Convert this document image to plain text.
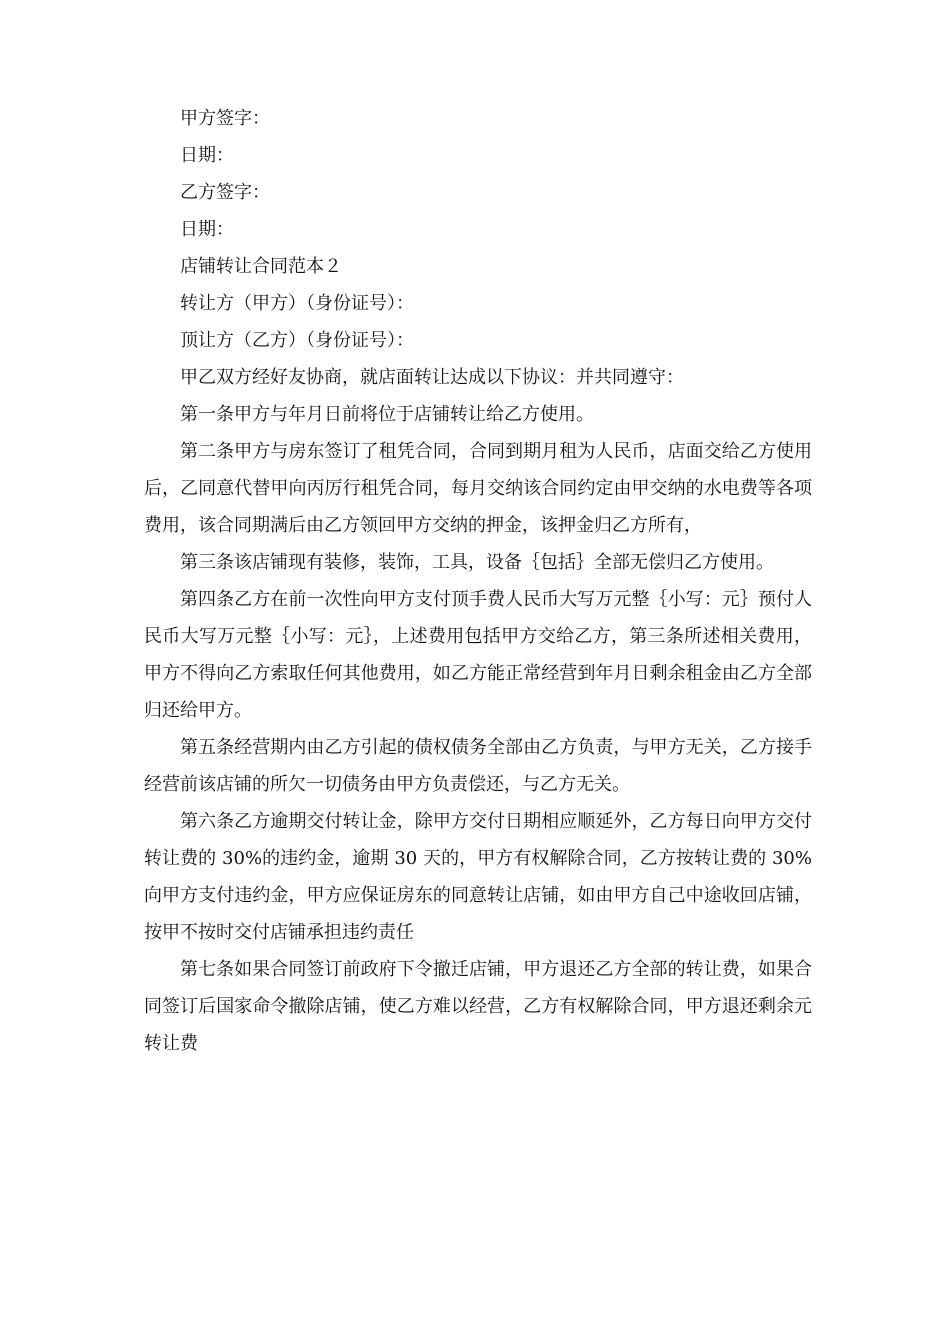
甲方签字：
日期：
乙方签字：
日期：
店铺转让合同范本２
转让方（甲方）（身份证号）：
顶让方（乙方）（身份证号）：
甲乙双方经好友协商，就店面转让达成以下协议：并共同遵守：
第一条甲方与年月日前将位于店铺转让给乙方使用。
第二条甲方与房东签订了租凭合同，合同到期月租为人民币，店面交给乙方使用后，乙同意代替甲向丙厉行租凭合同，每月交纳该合同约定由甲交纳的水电费等各项费用，该合同期满后由乙方领回甲方交纳的押金，该押金归乙方所有，
第三条该店铺现有装修，装饰，工具，设备｛包括｝全部无偿归乙方使用。
第四条乙方在前一次性向甲方支付顶手费人民币大写万元整｛小写：元｝预付人民币大写万元整｛小写：元｝，上述费用包括甲方交给乙方，第三条所述相关费用，甲方不得向乙方索取任何其他费用，如乙方能正常经营到年月日剩余租金由乙方全部归还给甲方。
第五条经营期内由乙方引起的债权债务全部由乙方负责，与甲方无关，乙方接手经营前该店铺的所欠一切债务由甲方负责偿还，与乙方无关。
第六条乙方逾期交付转让金，除甲方交付日期相应顺延外，乙方每日向甲方交付转让费的 30%的违约金，逾期 30 天的，甲方有权解除合同，乙方按转让费的 30%向甲方支付违约金，甲方应保证房东的同意转让店铺，如由甲方自己中途收回店铺，按甲不按时交付店铺承担违约责任
第七条如果合同签订前政府下令撤迁店铺，甲方退还乙方全部的转让费，如果合同签订后国家命令撤除店铺，使乙方难以经营，乙方有权解除合同，甲方退还剩余元转让费
